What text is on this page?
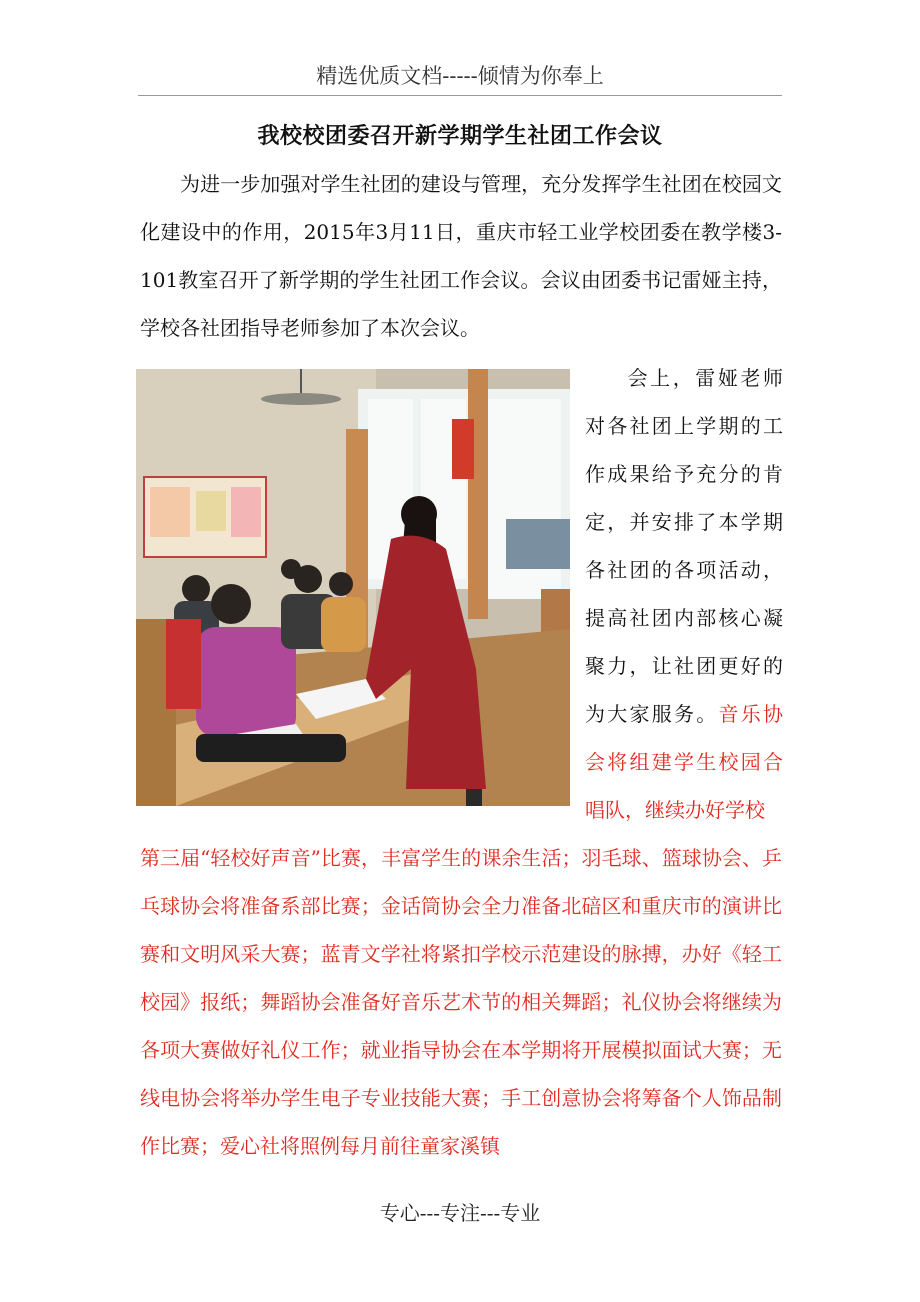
精选优质文档-----倾情为你奉上
我校校团委召开新学期学生社团工作会议
为进一步加强对学生社团的建设与管理，充分发挥学生社团在校园文化建设中的作用，2015年3月11日，重庆市轻工业学校团委在教学楼3-101教室召开了新学期的学生社团工作会议。会议由团委书记雷娅主持，学校各社团指导老师参加了本次会议。
会上，雷娅老师对各社团上学期的工作成果给予充分的肯定，并安排了本学期各社团的各项活动，提高社团内部核心凝聚力，让社团更好的为大家服务。音乐协会将组建学生校园合唱队，继续办好学校
第三届“轻校好声音”比赛，丰富学生的课余生活；羽毛球、篮球协会、乒乓球协会将准备系部比赛；金话筒协会全力准备北碚区和重庆市的演讲比赛和文明风采大赛；蓝青文学社将紧扣学校示范建设的脉搏，办好《轻工校园》报纸；舞蹈协会准备好音乐艺术节的相关舞蹈；礼仪协会将继续为各项大赛做好礼仪工作；就业指导协会在本学期将开展模拟面试大赛；无线电协会将举办学生电子专业技能大赛；手工创意协会将筹备个人饰品制作比赛；爱心社将照例每月前往童家溪镇
专心---专注---专业
